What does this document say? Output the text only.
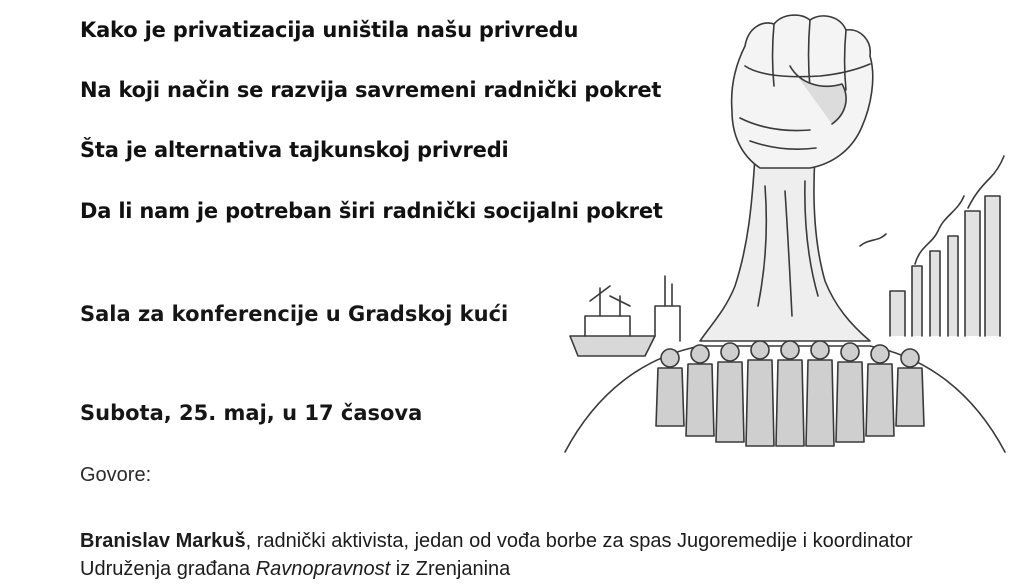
Kako je privatizacija uništila našu privredu
Na koji način se razvija savremeni radnički pokret
Šta je alternativa tajkunskoj privredi
Da li nam je potreban širi radnički socijalni pokret

Sala za konferencije u Gradskoj kući

Subota, 25. maj, u 17 časova

Govore:

Branislav Markuš, radnički aktivista, jedan od vođa borbe za spas Jugoremedije i koordinator Udruženja građana Ravnopravnost iz Zrenjanina
